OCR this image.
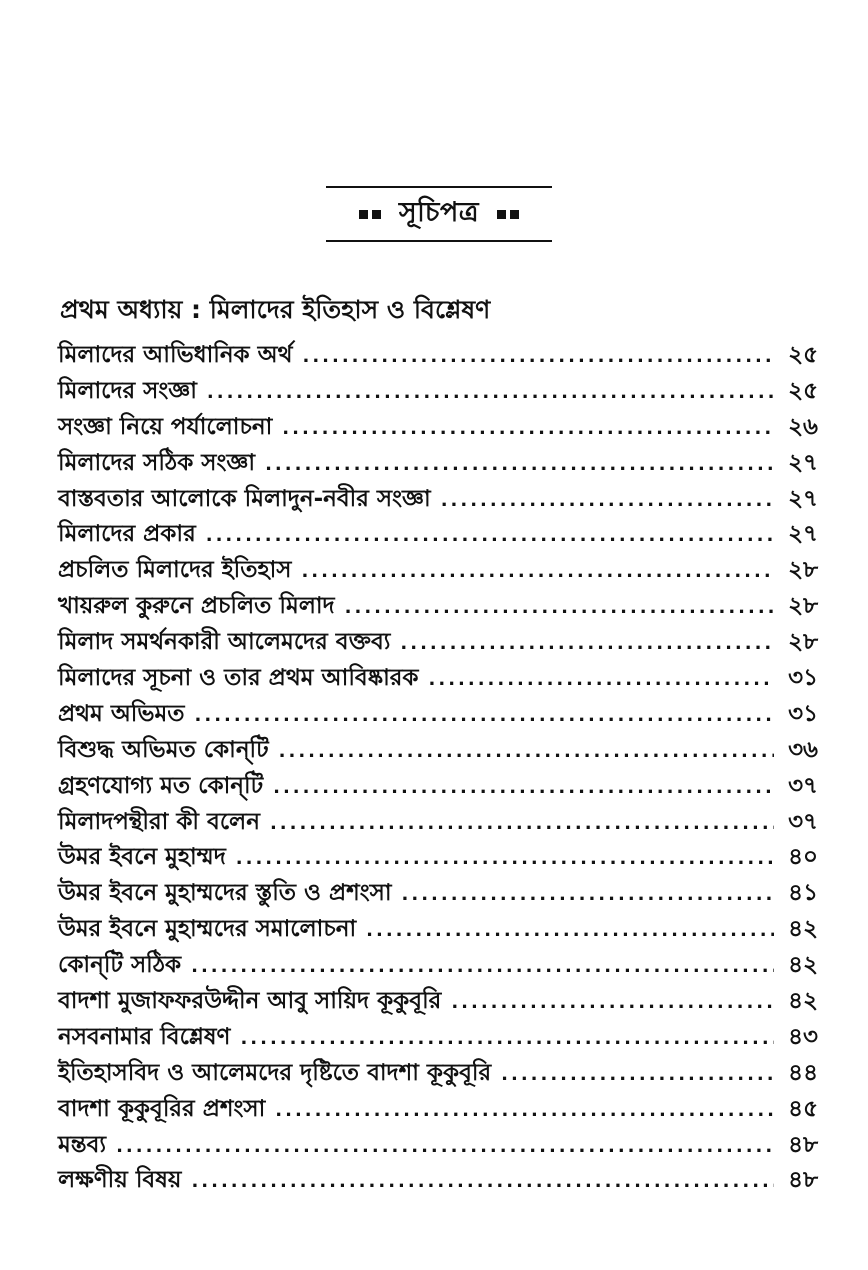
সূচিপত্র
প্রথম অধ্যায় : মিলাদের ইতিহাস ও বিশ্লেষণ
মিলাদের আভিধানিক অর্থ .....	২৫
মিলাদের সংজ্ঞা .....	২৫
সংজ্ঞা নিয়ে পর্যালোচনা .....	২৬
মিলাদের সঠিক সংজ্ঞা .....	২৭
বাস্তবতার আলোকে মিলাদুন-নবীর সংজ্ঞা .....	২৭
মিলাদের প্রকার .....	২৭
প্রচলিত মিলাদের ইতিহাস .....	২৮
খায়রুল কুরুনে প্রচলিত মিলাদ .....	২৮
মিলাদ সমর্থনকারী আলেমদের বক্তব্য .....	২৮
মিলাদের সূচনা ও তার প্রথম আবিষ্কারক .....	৩১
প্রথম অভিমত .....	৩১
বিশুদ্ধ অভিমত কোন্‌টি .....	৩৬
গ্রহণযোগ্য মত কোন্‌টি .....	৩৭
মিলাদপন্থীরা কী বলেন .....	৩৭
উমর ইবনে মুহাম্মদ .....	৪০
উমর ইবনে মুহাম্মদের স্তুতি ও প্রশংসা .....	৪১
উমর ইবনে মুহাম্মদের সমালোচনা .....	৪২
কোন্‌টি সঠিক .....	৪২
বাদশা মুজাফফরউদ্দীন আবু সায়িদ কূকুবূরি .....	৪২
নসবনামার বিশ্লেষণ .....	৪৩
ইতিহাসবিদ ও আলেমদের দৃষ্টিতে বাদশা কূকুবূরি .....	৪৪
বাদশা কূকুবূরির প্রশংসা .....	৪৫
মন্তব্য .....	৪৮
লক্ষণীয় বিষয় .....	৪৮
